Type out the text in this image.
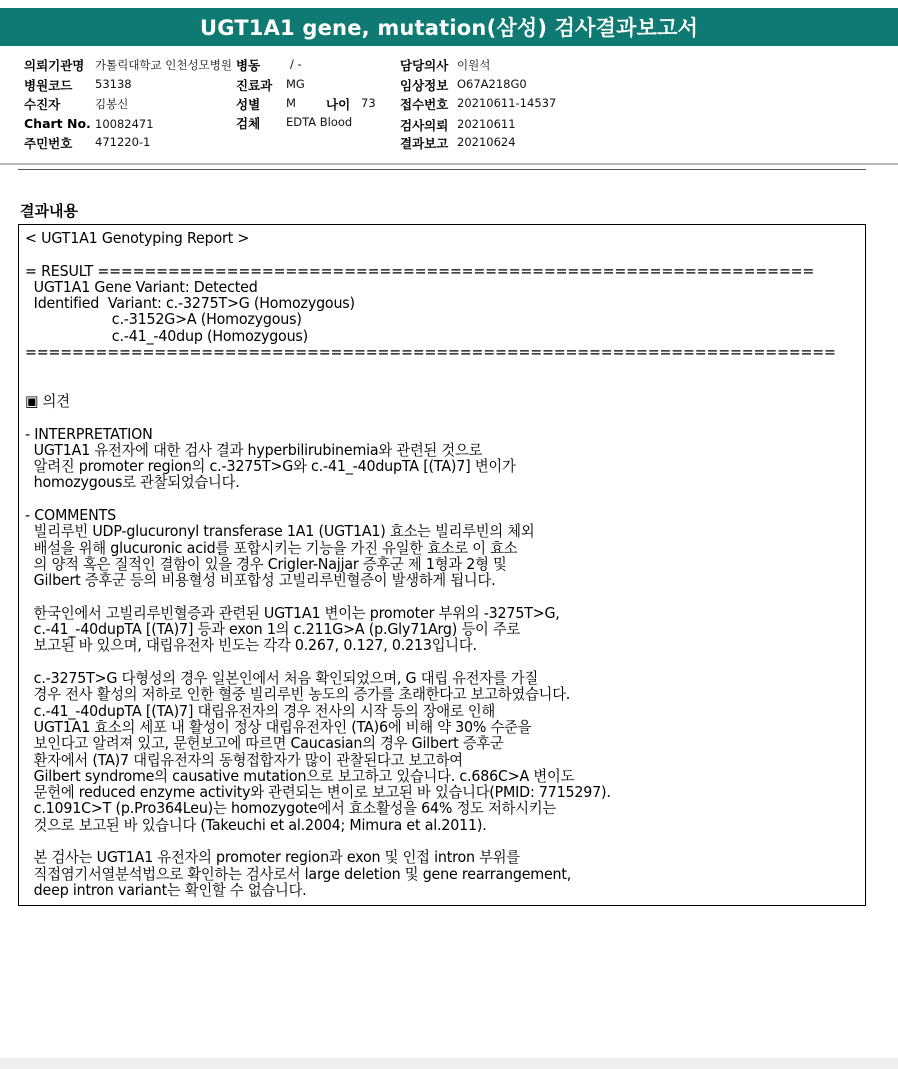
UGT1A1 gene, mutation(삼성) 검사결과보고서
의뢰기관명 가톨릭대학교 인천성모병원 병동	/ -	담당의사 이원석
병원코드 53138	진료과 MG	임상정보 O67A218G0
수진자	김봉신	성별 M 나이 73 접수번호 20210611-14537
Chart No. 10082471	검체 EDTA Blood	검사의뢰 20210611
주민번호 471220-1	결과보고 20210624
결과내용
< UGT1A1 Genotyping Report >

= RESULT =============================================================
UGT1A1 Gene Variant: Detected
Identified  Variant: c.-3275T>G (Homozygous)
c.-3152G>A (Homozygous)
c.-41_-40dup (Homozygous)
=====================================================================

▣ 의견

- INTERPRETATION
UGT1A1 유전자에 대한 검사 결과 hyperbilirubinemia와 관련된 것으로
알려진 promoter region의 c.-3275T>G와 c.-41_-40dupTA [(TA)7] 변이가
homozygous로 관찰되었습니다.

- COMMENTS
빌리루빈 UDP-glucuronyl transferase 1A1 (UGT1A1) 효소는 빌리루빈의 체외
배설을 위해 glucuronic acid를 포합시키는 기능을 가진 유일한 효소로 이 효소
의 양적 혹은 질적인 결함이 있을 경우 Crigler-Najjar 증후군 제 1형과 2형 및
Gilbert 증후군 등의 비용혈성 비포합성 고빌리루빈혈증이 발생하게 됩니다.

한국인에서 고빌리루빈혈증과 관련된 UGT1A1 변이는 promoter 부위의 -3275T>G,
c.-41_-40dupTA [(TA)7] 등과 exon 1의 c.211G>A (p.Gly71Arg) 등이 주로
보고된 바 있으며, 대립유전자 빈도는 각각 0.267, 0.127, 0.213입니다.

c.-3275T>G 다형성의 경우 일본인에서 처음 확인되었으며, G 대립 유전자를 가질
경우 전사 활성의 저하로 인한 혈중 빌리루빈 농도의 증가를 초래한다고 보고하였습니다.
c.-41_-40dupTA [(TA)7] 대립유전자의 경우 전사의 시작 등의 장애로 인해
UGT1A1 효소의 세포 내 활성이 정상 대립유전자인 (TA)6에 비해 약 30% 수준을
보인다고 알려져 있고, 문헌보고에 따르면 Caucasian의 경우 Gilbert 증후군
환자에서 (TA)7 대립유전자의 동형접합자가 많이 관찰된다고 보고하여
Gilbert syndrome의 causative mutation으로 보고하고 있습니다. c.686C>A 변이도
문헌에 reduced enzyme activity와 관련되는 변이로 보고된 바 있습니다(PMID: 7715297).
c.1091C>T (p.Pro364Leu)는 homozygote에서 효소활성을 64% 정도 저하시키는
것으로 보고된 바 있습니다 (Takeuchi et al.2004; Mimura et al.2011).

본 검사는 UGT1A1 유전자의 promoter region과 exon 및 인접 intron 부위를
직접염기서열분석법으로 확인하는 검사로서 large deletion 및 gene rearrangement,
deep intron variant는 확인할 수 없습니다.
